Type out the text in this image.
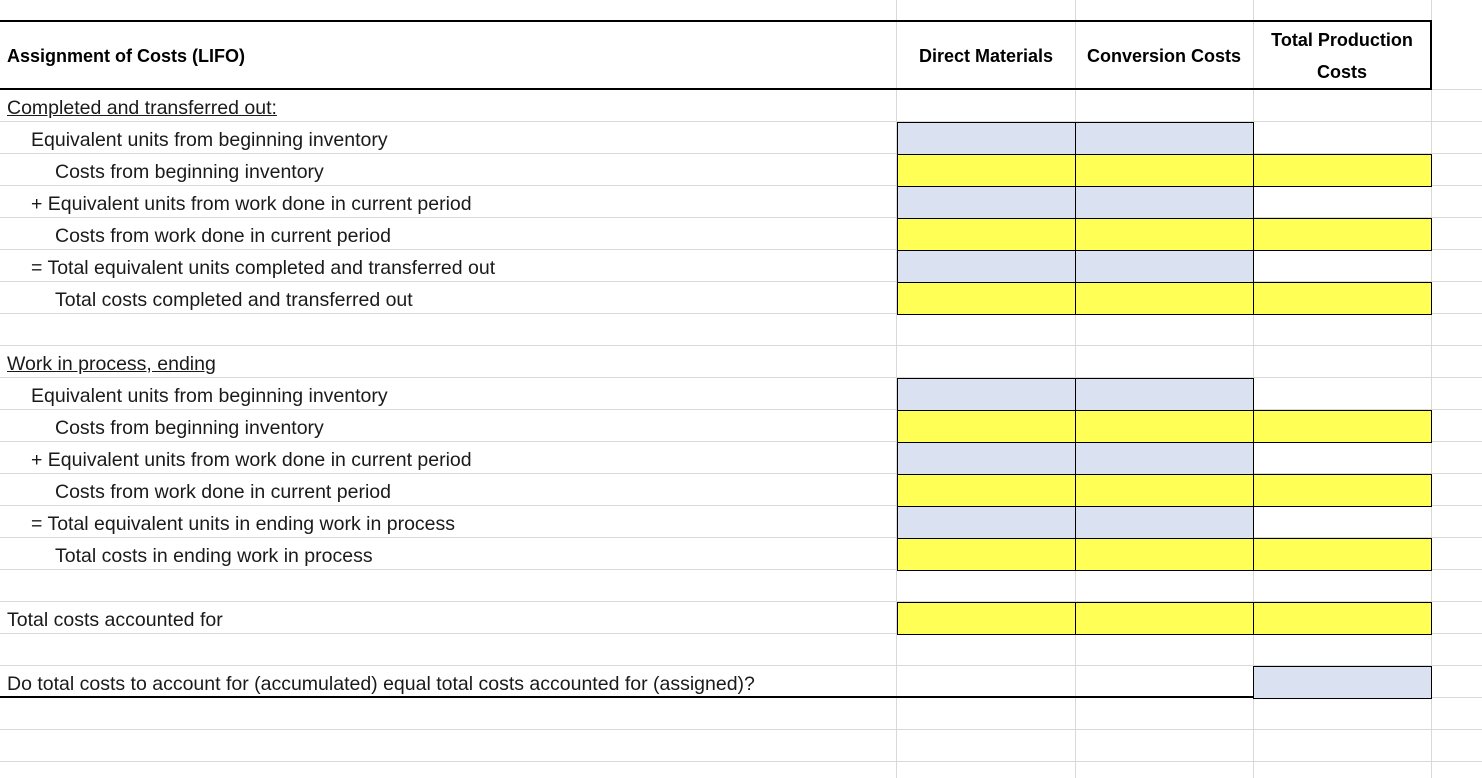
Assignment of Costs (LIFO)	Direct Materials	Conversion Costs
Total Production
Costs
Completed and transferred out:
Equivalent units from beginning inventory
Costs from beginning inventory
+ Equivalent units from work done in current period
Costs from work done in current period
= Total equivalent units completed and transferred out
Total costs completed and transferred out
Work in process, ending
Equivalent units from beginning inventory
Costs from beginning inventory
+ Equivalent units from work done in current period
Costs from work done in current period
= Total equivalent units in ending work in process
Total costs in ending work in process
Total costs accounted for
Do total costs to account for (accumulated) equal total costs accounted for (assigned)?
